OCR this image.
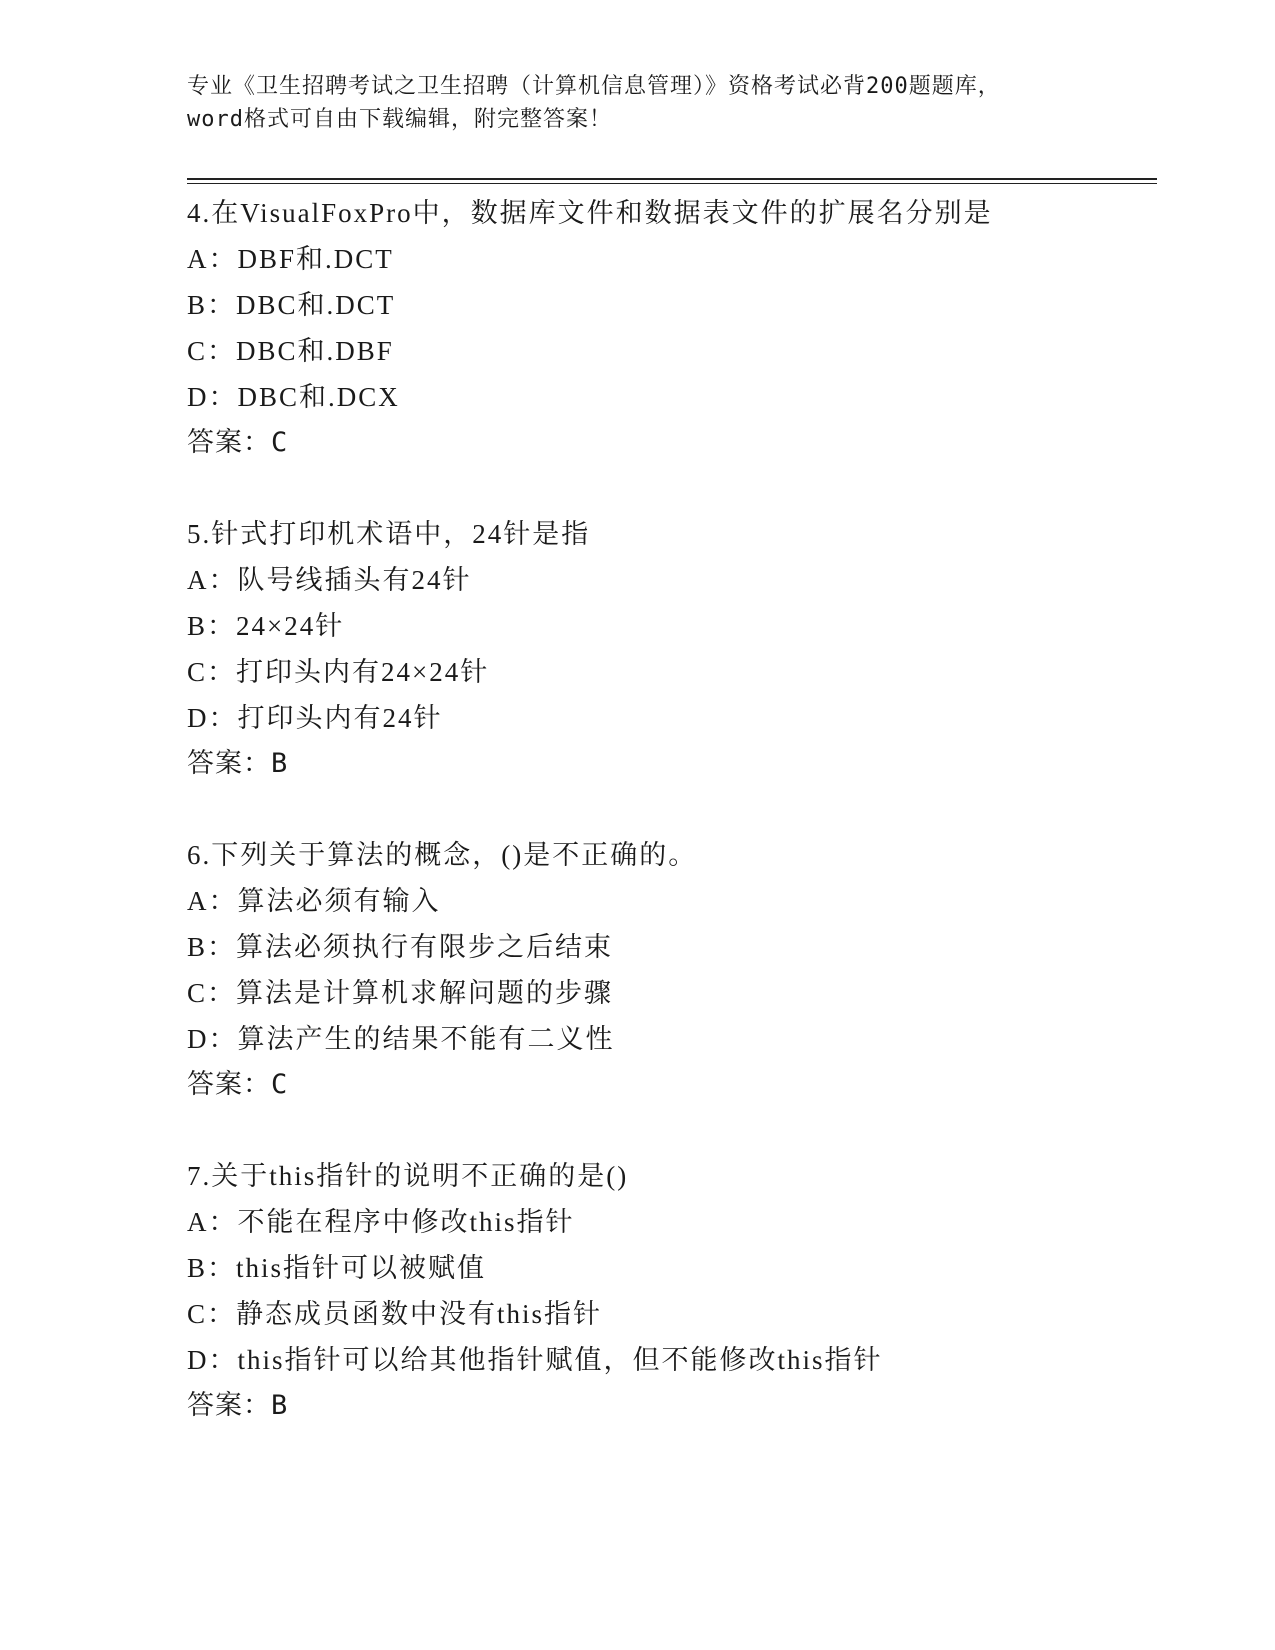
专业《卫生招聘考试之卫生招聘（计算机信息管理）》资格考试必背200题题库，
word格式可自由下载编辑，附完整答案！
4.在VisualFoxPro中，数据库文件和数据表文件的扩展名分别是
A：DBF和.DCT
B：DBC和.DCT
C：DBC和.DBF
D：DBC和.DCX
答案：C
5.针式打印机术语中，24针是指
A：队号线插头有24针
B：24×24针
C：打印头内有24×24针
D：打印头内有24针
答案：B
6.下列关于算法的概念，()是不正确的。
A：算法必须有输入
B：算法必须执行有限步之后结束
C：算法是计算机求解问题的步骤
D：算法产生的结果不能有二义性
答案：C
7.关于this指针的说明不正确的是()
A：不能在程序中修改this指针
B：this指针可以被赋值
C：静态成员函数中没有this指针
D：this指针可以给其他指针赋值，但不能修改this指针
答案：B
